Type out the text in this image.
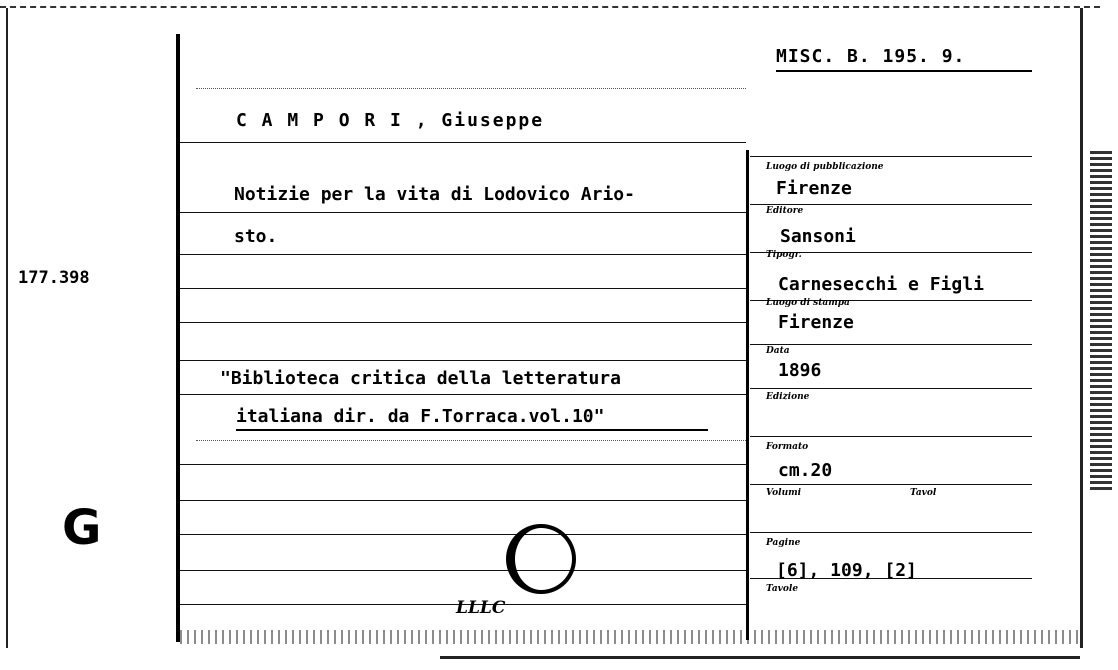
MISC. B. 195. 9.
C A M P O R I , Giuseppe
Notizie per la vita di Lodovico Ario-
sto.
"Biblioteca critica della letteratura
italiana dir. da F.Torraca.vol.10"
177.398
G
Luogo di pubblicazione
Firenze
Editore
Sansoni
Tipogr.
Carnesecchi e Figli
Luogo di stampa
Firenze
Data
1896
Edizione
Formato
cm.20
Volumi	Tavol
Pagine
[6], 109, [2]
Tavole
LLLC
